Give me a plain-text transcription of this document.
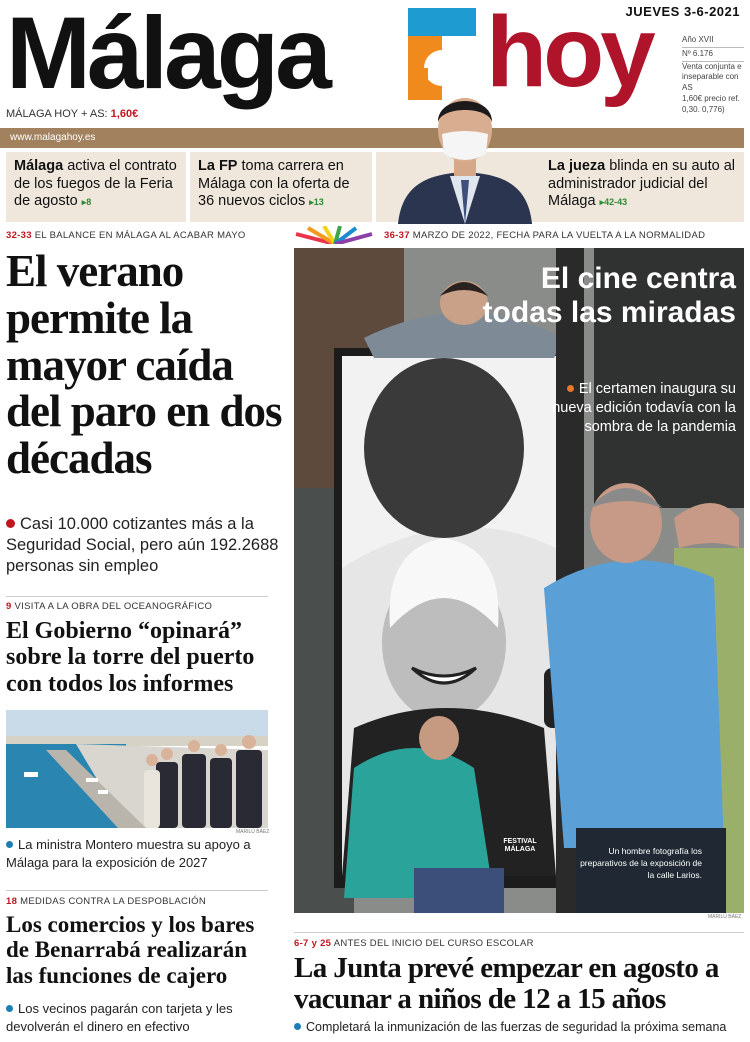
Málaga hoy
JUEVES 3-6-2021
Año XVII
Nº 6.176
Venta conjunta e
inseparable con AS
1,60€ precio ref.
0,30. 0,776)
MÁLAGA HOY + AS: 1,60€
www.malagahoy.es
Málaga activa el contrato de los fuegos de la Feria de agosto ▸8
La FP toma carrera en Málaga con la oferta de 36 nuevos ciclos ▸13
La jueza blinda en su auto al administrador judicial del Málaga ▸42-43
32-33 EL BALANCE EN MÁLAGA AL ACABAR MAYO
El verano permite la mayor caída del paro en dos décadas
Casi 10.000 cotizantes más a la Seguridad Social, pero aún 192.2688 personas sin empleo
9 VISITA A LA OBRA DEL OCEANOGRÁFICO
El Gobierno “opinará” sobre la torre del puerto con todos los informes
MARILÚ BÁEZ
La ministra Montero muestra su apoyo a Málaga para la exposición de 2027
18 MEDIDAS CONTRA LA DESPOBLACIÓN
Los comercios y los bares de Benarrabá realizarán las funciones de cajero
Los vecinos pagarán con tarjeta y les devolverán el dinero en efectivo
36-37 MARZO DE 2022, FECHA PARA LA VUELTA A LA NORMALIDAD
FESTIVAL MÁLAGA
El cine centra todas las miradas
El certamen inaugura su nueva edición todavía con la sombra de la pandemia
Un hombre fotografía los preparativos de la exposición de la calle Larios.
MARILÚ BÁEZ
6-7 y 25 ANTES DEL INICIO DEL CURSO ESCOLAR
La Junta prevé empezar en agosto a vacunar a niños de 12 a 15 años
Completará la inmunización de las fuerzas de seguridad la próxima semana
